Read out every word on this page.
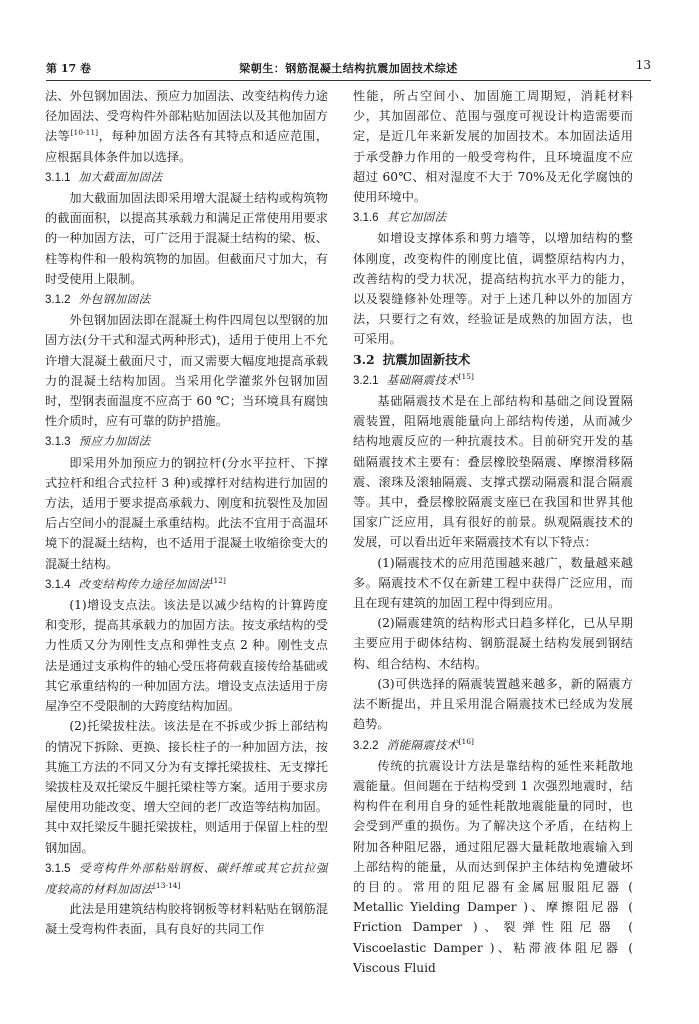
第 17 卷	梁朝生：钢筋混凝土结构抗震加固技术综述	13

法、外包钢加固法、预应力加固法、改变结构传力途径加固法、受弯构件外部粘贴加固法以及其他加固方法等[10-11]，每种加固方法各有其特点和适应范围，应根据具体条件加以选择。

3.1.1 加大截面加固法

加大截面加固法即采用增大混凝土结构或构筑物的截面面积，以提高其承载力和满足正常使用用要求的一种加固方法，可广泛用于混凝土结构的梁、板、柱等构件和一般构筑物的加固。但截面尺寸加大，有时受使用上限制。

3.1.2 外包钢加固法

外包钢加固法即在混凝土构件四周包以型钢的加固方法(分干式和湿式两种形式)，适用于使用上不允许增大混凝土截面尺寸，而又需要大幅度地提高承载力的混凝土结构加固。当采用化学灌浆外包钢加固时，型钢表面温度不应高于 60 ℃；当环境具有腐蚀性介质时，应有可靠的防护措施。

3.1.3 预应力加固法

即采用外加预应力的钢拉杆(分水平拉杆、下撑式拉杆和组合式拉杆 3 种)或撑杆对结构进行加固的方法，适用于要求提高承载力、刚度和抗裂性及加固后占空间小的混凝土承重结构。此法不宜用于高温环境下的混凝土结构，也不适用于混凝土收缩徐变大的混凝土结构。

3.1.4 改变结构传力途径加固法[12]

(1)增设支点法。该法是以减少结构的计算跨度和变形，提高其承载力的加固方法。按支承结构的受力性质又分为刚性支点和弹性支点 2 种。刚性支点法是通过支承构件的轴心受压将荷载直接传给基础或其它承重结构的一种加固方法。增设支点法适用于房屋净空不受限制的大跨度结构加固。

(2)托梁拔柱法。该法是在不拆或少拆上部结构的情况下拆除、更换、接长柱子的一种加固方法，按其施工方法的不同又分为有支撑托梁拔柱、无支撑托梁拔柱及双托梁反牛腿托梁柱等方案。适用于要求房屋使用功能改变、增大空间的老厂改造等结构加固。其中双托梁反牛腿托梁拔柱，则适用于保留上柱的型钢加固。

3.1.5 受弯构件外部粘贴钢板、碳纤维或其它抗拉强度较高的材料加固法[13-14]

此法是用建筑结构胶将钢板等材料粘贴在钢筋混凝土受弯构件表面，具有良好的共同工作

性能，所占空间小、加固施工周期短，消耗材料少，其加固部位、范围与强度可视设计构造需要而定，是近几年来新发展的加固技术。本加固法适用于承受静力作用的一般受弯构件，且环境温度不应超过 60℃、相对湿度不大于 70%及无化学腐蚀的使用环境中。

3.1.6 其它加固法

如增设支撑体系和剪力墙等，以增加结构的整体刚度，改变构件的刚度比值，调整原结构内力，改善结构的受力状况，提高结构抗水平力的能力，以及裂缝修补处理等。对于上述几种以外的加固方法，只要行之有效，经验证是成熟的加固方法，也可采用。

3.2 抗震加固新技术
3.2.1 基础隔震技术[15]

基础隔震技术是在上部结构和基础之间设置隔震装置，阻隔地震能量向上部结构传递，从而减少结构地震反应的一种抗震技术。目前研究开发的基础隔震技术主要有：叠层橡胶垫隔震、摩擦滑移隔震、滚珠及滚轴隔震、支撑式摆动隔震和混合隔震等。其中，叠层橡胶隔震支座已在我国和世界其他国家广泛应用，具有很好的前景。纵观隔震技术的发展，可以看出近年来隔震技术有以下特点：

(1)隔震技术的应用范围越来越广，数量越来越多。隔震技术不仅在新建工程中获得广泛应用，而且在现有建筑的加固工程中得到应用。

(2)隔震建筑的结构形式日趋多样化，已从早期主要应用于砌体结构、钢筋混凝土结构发展到钢结构、组合结构、木结构。

(3)可供选择的隔震装置越来越多，新的隔震方法不断提出，并且采用混合隔震技术已经成为发展趋势。

3.2.2 消能隔震技术[16]

传统的抗震设计方法是靠结构的延性来耗散地震能量。但间题在于结构受到 1 次强烈地震时，结构构件在利用自身的延性耗散地震能量的同时，也会受到严重的损伤。为了解决这个矛盾，在结构上附加各种阻尼器，通过阻尼器大量耗散地震输入到上部结构的能量，从而达到保护主体结构免遭破坏的目的。常用的阻尼器有金属屈服阻尼器 ( Metallic Yielding Damper )、摩擦阻尼器 ( Friction Damper )、裂弹性阻尼器 ( Viscoelastic Damper )、粘滞液体阻尼器 ( Viscous Fluid
